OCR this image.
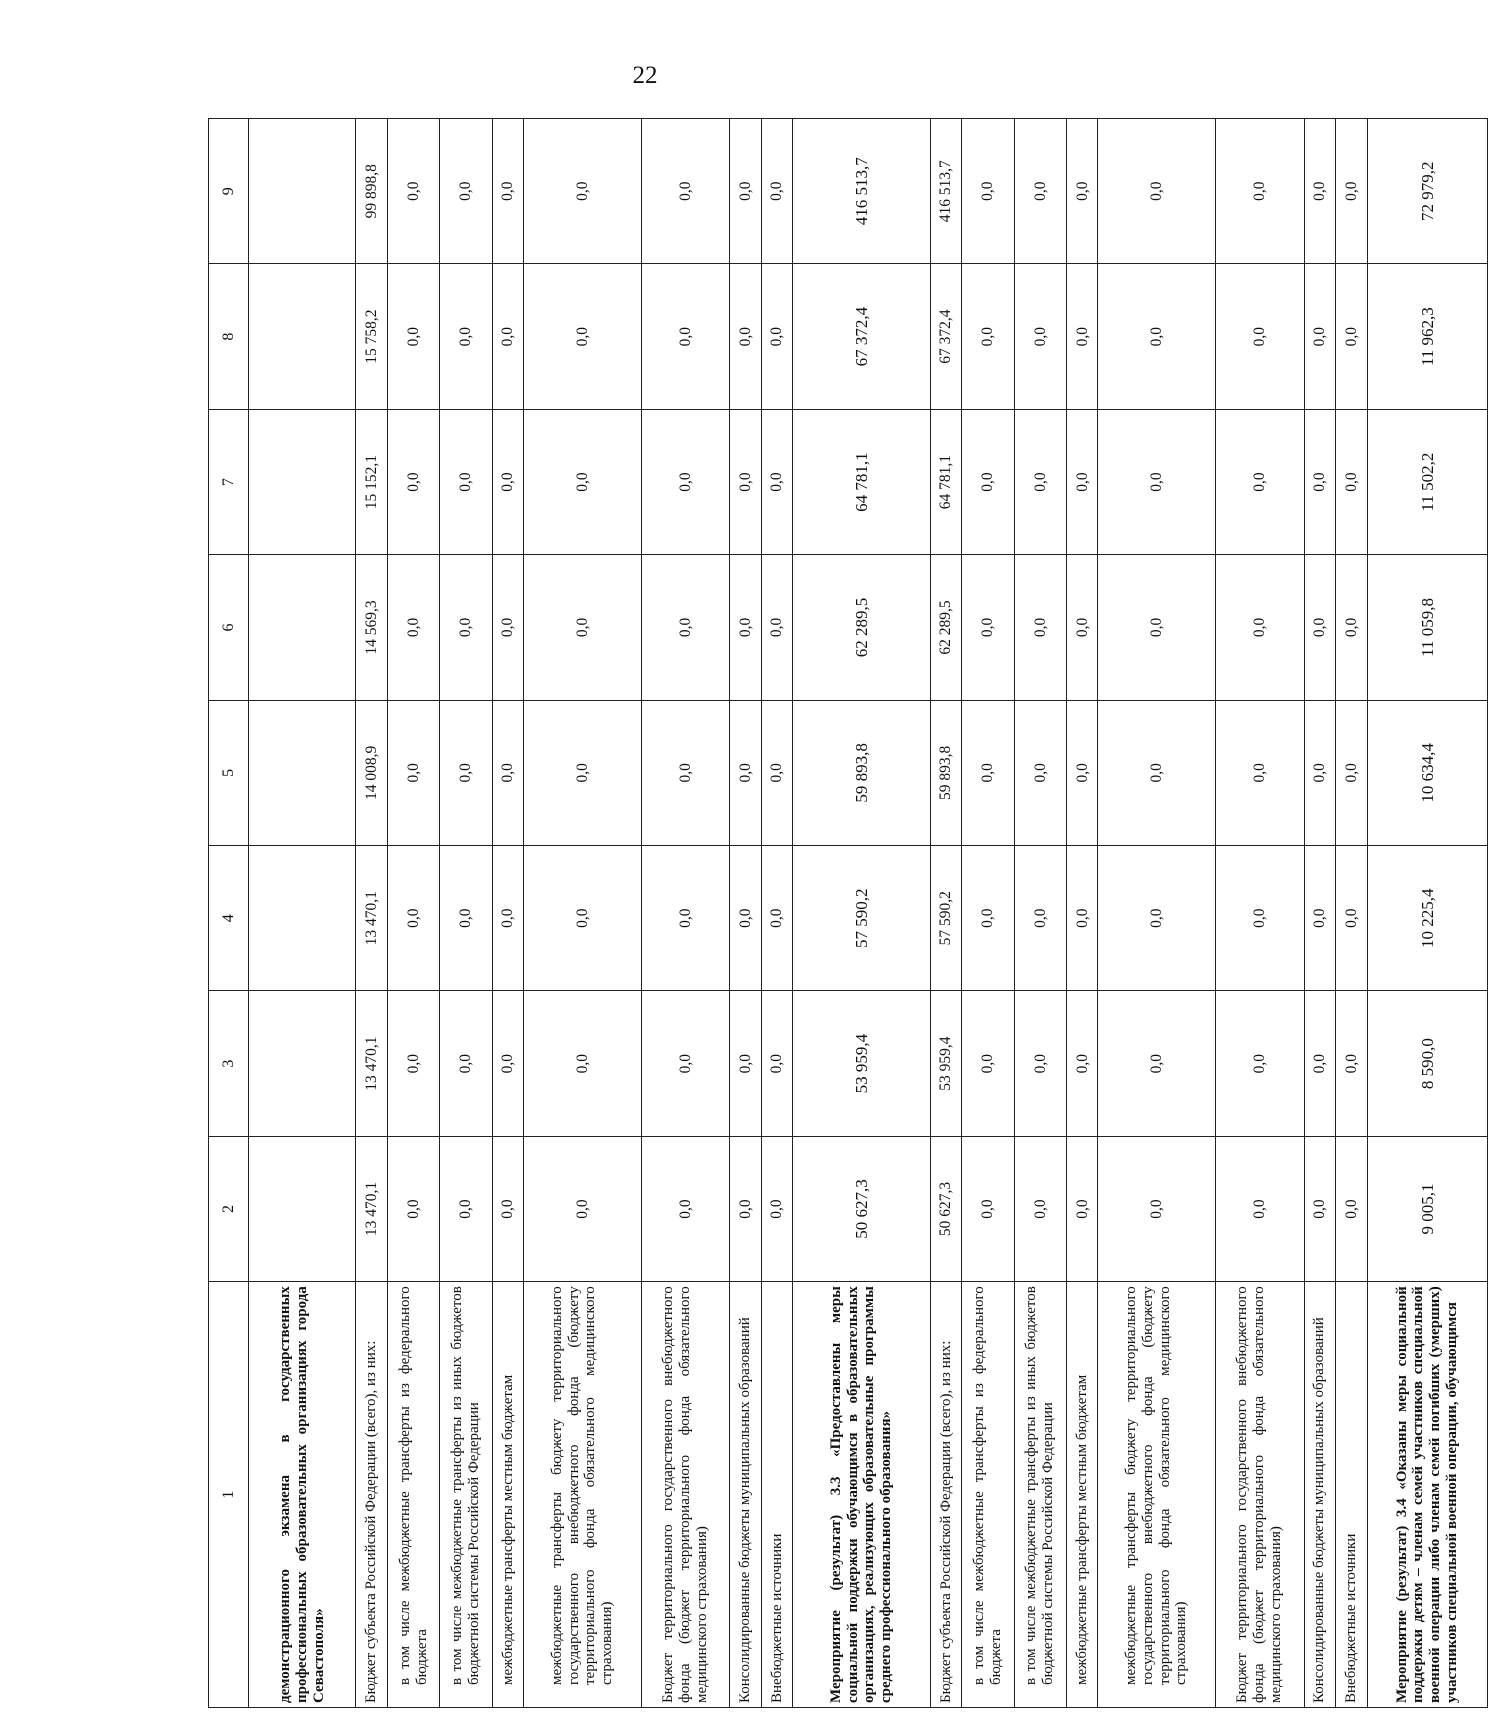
22
1	2	3	4	5	6	7	8	9
демонстрационного экзамена в государственных профессиональных образовательных организациях города Севастополя»								
Бюджет субъекта Российской Федерации (всего), из них:	13 470,1	13 470,1	13 470,1	14 008,9	14 569,3	15 152,1	15 758,2	99 898,8
в том числе межбюджетные трансферты из федерального бюджета	0,0	0,0	0,0	0,0	0,0	0,0	0,0	0,0
в том числе межбюджетные трансферты из иных бюджетов бюджетной системы Российской Федерации	0,0	0,0	0,0	0,0	0,0	0,0	0,0	0,0
межбюджетные трансферты местным бюджетам	0,0	0,0	0,0	0,0	0,0	0,0	0,0	0,0
межбюджетные трансферты бюджету территориального государственного внебюджетного фонда (бюджету территориального фонда обязательного медицинского страхования)	0,0	0,0	0,0	0,0	0,0	0,0	0,0	0,0
Бюджет территориального государственного внебюджетного фонда (бюджет территориального фонда обязательного медицинского страхования)	0,0	0,0	0,0	0,0	0,0	0,0	0,0	0,0
Консолидированные бюджеты муниципальных образований	0,0	0,0	0,0	0,0	0,0	0,0	0,0	0,0
Внебюджетные источники	0,0	0,0	0,0	0,0	0,0	0,0	0,0	0,0
Мероприятие (результат) 3.3 «Предоставлены меры социальной поддержки обучающимся в образовательных организациях, реализующих образовательные программы среднего профессионального образования»	50 627,3	53 959,4	57 590,2	59 893,8	62 289,5	64 781,1	67 372,4	416 513,7
Бюджет субъекта Российской Федерации (всего), из них:	50 627,3	53 959,4	57 590,2	59 893,8	62 289,5	64 781,1	67 372,4	416 513,7
в том числе межбюджетные трансферты из федерального бюджета	0,0	0,0	0,0	0,0	0,0	0,0	0,0	0,0
в том числе межбюджетные трансферты из иных бюджетов бюджетной системы Российской Федерации	0,0	0,0	0,0	0,0	0,0	0,0	0,0	0,0
межбюджетные трансферты местным бюджетам	0,0	0,0	0,0	0,0	0,0	0,0	0,0	0,0
межбюджетные трансферты бюджету территориального государственного внебюджетного фонда (бюджету территориального фонда обязательного медицинского страхования)	0,0	0,0	0,0	0,0	0,0	0,0	0,0	0,0
Бюджет территориального государственного внебюджетного фонда (бюджет территориального фонда обязательного медицинского страхования)	0,0	0,0	0,0	0,0	0,0	0,0	0,0	0,0
Консолидированные бюджеты муниципальных образований	0,0	0,0	0,0	0,0	0,0	0,0	0,0	0,0
Внебюджетные источники	0,0	0,0	0,0	0,0	0,0	0,0	0,0	0,0
Мероприятие (результат) 3.4 «Оказаны меры социальной поддержки детям – членам семей участников специальной военной операции либо членам семей погибших (умерших) участников специальной военной операции, обучающимся	9 005,1	8 590,0	10 225,4	10 634,4	11 059,8	11 502,2	11 962,3	72 979,2
